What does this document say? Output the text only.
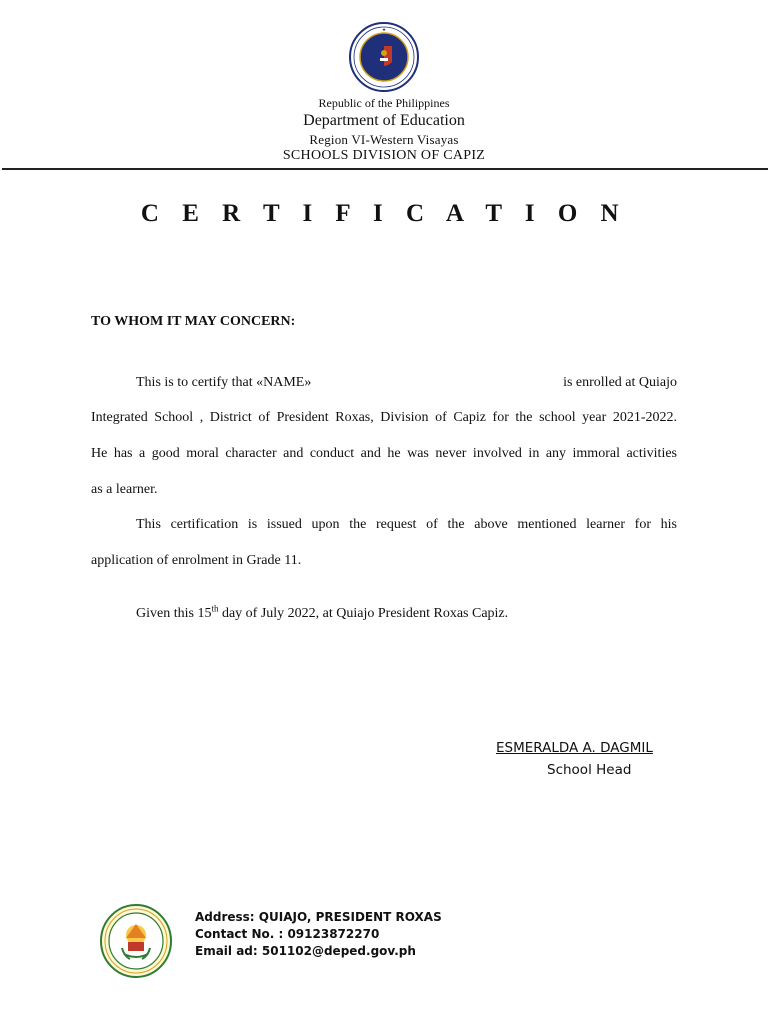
★
Republic of the Philippines
Department of Education
Region VI-Western Visayas
SCHOOLS DIVISION OF CAPIZ
C E R T I F I C A T I O N
TO WHOM IT MAY CONCERN:
This is to certify that «NAME»	is enrolled at Quiajo
Integrated School , District of President Roxas, Division of Capiz for the school year 2021-2022.
He has a good moral character and conduct and he was never involved in any immoral activities
as a learner.
This certification is issued upon the request of the above mentioned learner for his
application of enrolment in Grade 11.
Given this 15th day of July 2022, at Quiajo President Roxas Capiz.
ESMERALDA A. DAGMIL
School Head
Address: QUIAJO, PRESIDENT ROXAS
Contact No. : 09123872270
Email ad: 501102@deped.gov.ph
